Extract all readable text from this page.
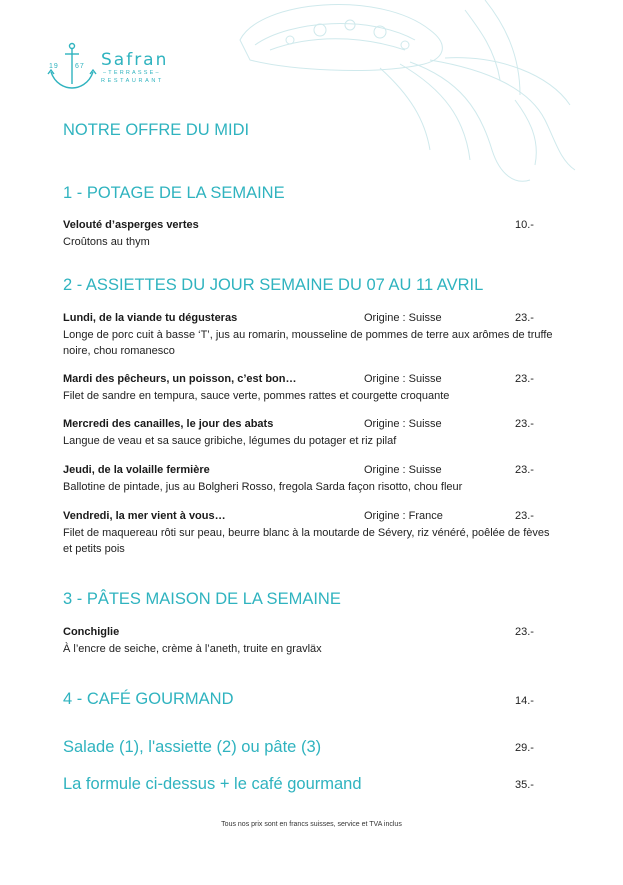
19 67 Safran
–TERRASSE–
RESTAURANT
NOTRE OFFRE DU MIDI
1 - POTAGE DE LA SEMAINE
Velouté d’asperges vertes	10.-
Croûtons au thym
2 - ASSIETTES DU JOUR SEMAINE DU 07 AU 11 AVRIL
Lundi, de la viande tu dégusteras	Origine : Suisse	23.-
Longe de porc cuit à basse ‘T’, jus au romarin, mousseline de pommes de terre aux arômes de truffe noire, chou romanesco
Mardi des pêcheurs, un poisson, c’est bon…	Origine : Suisse	23.-
Filet de sandre en tempura, sauce verte, pommes rattes et courgette croquante
Mercredi des canailles, le jour des abats	Origine : Suisse	23.-
Langue de veau et sa sauce gribiche, légumes du potager et riz pilaf
Jeudi, de la volaille fermière	Origine : Suisse	23.-
Ballotine de pintade, jus au Bolgheri Rosso, fregola Sarda façon risotto, chou fleur
Vendredi, la mer vient à vous…	Origine : France	23.-
Filet de maquereau rôti sur peau, beurre blanc à la moutarde de Sévery, riz vénéré, poêlée de fèves et petits pois
3 - PÂTES MAISON DE LA SEMAINE
Conchiglie	23.-
À l’encre de seiche, crème à l’aneth, truite en gravläx
4 - CAFÉ GOURMAND	14.-
Salade (1), l'assiette (2) ou pâte (3)	29.-
La formule ci-dessus + le café gourmand	35.-
Tous nos prix sont en francs suisses, service et TVA inclus
